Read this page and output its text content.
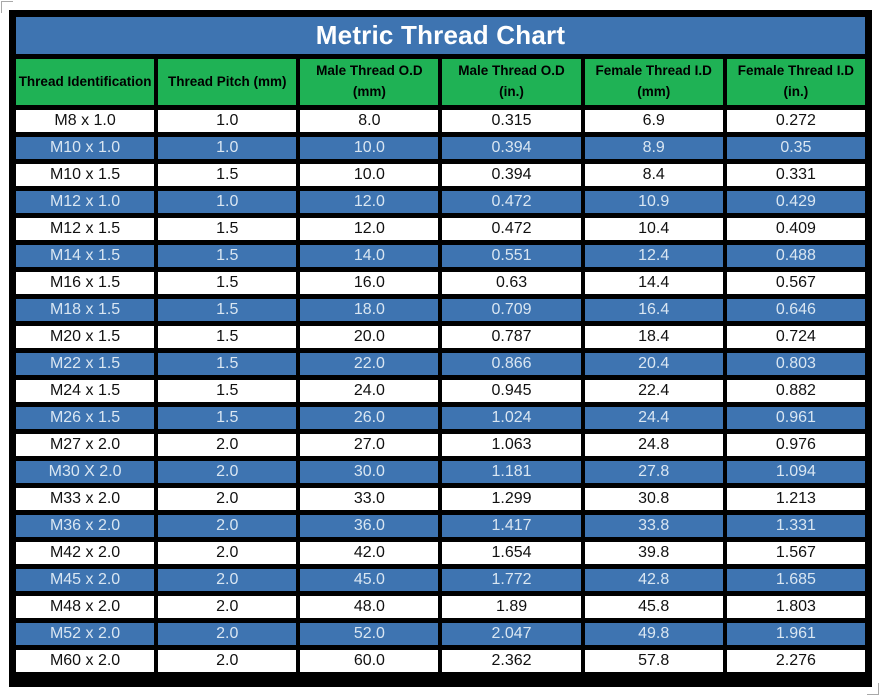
Metric Thread Chart
Thread Identification	Thread Pitch (mm)	Male Thread O.D (mm)	Male Thread O.D (in.)	Female Thread I.D (mm)	Female Thread I.D (in.)
M8 x 1.0	1.0	8.0	0.315	6.9	0.272
M10 x 1.0	1.0	10.0	0.394	8.9	0.35
M10 x 1.5	1.5	10.0	0.394	8.4	0.331
M12 x 1.0	1.0	12.0	0.472	10.9	0.429
M12 x 1.5	1.5	12.0	0.472	10.4	0.409
M14 x 1.5	1.5	14.0	0.551	12.4	0.488
M16 x 1.5	1.5	16.0	0.63	14.4	0.567
M18 x 1.5	1.5	18.0	0.709	16.4	0.646
M20 x 1.5	1.5	20.0	0.787	18.4	0.724
M22 x 1.5	1.5	22.0	0.866	20.4	0.803
M24 x 1.5	1.5	24.0	0.945	22.4	0.882
M26 x 1.5	1.5	26.0	1.024	24.4	0.961
M27 x 2.0	2.0	27.0	1.063	24.8	0.976
M30 X 2.0	2.0	30.0	1.181	27.8	1.094
M33 x 2.0	2.0	33.0	1.299	30.8	1.213
M36 x 2.0	2.0	36.0	1.417	33.8	1.331
M42 x 2.0	2.0	42.0	1.654	39.8	1.567
M45 x 2.0	2.0	45.0	1.772	42.8	1.685
M48 x 2.0	2.0	48.0	1.89	45.8	1.803
M52 x 2.0	2.0	52.0	2.047	49.8	1.961
M60 x 2.0	2.0	60.0	2.362	57.8	2.276
